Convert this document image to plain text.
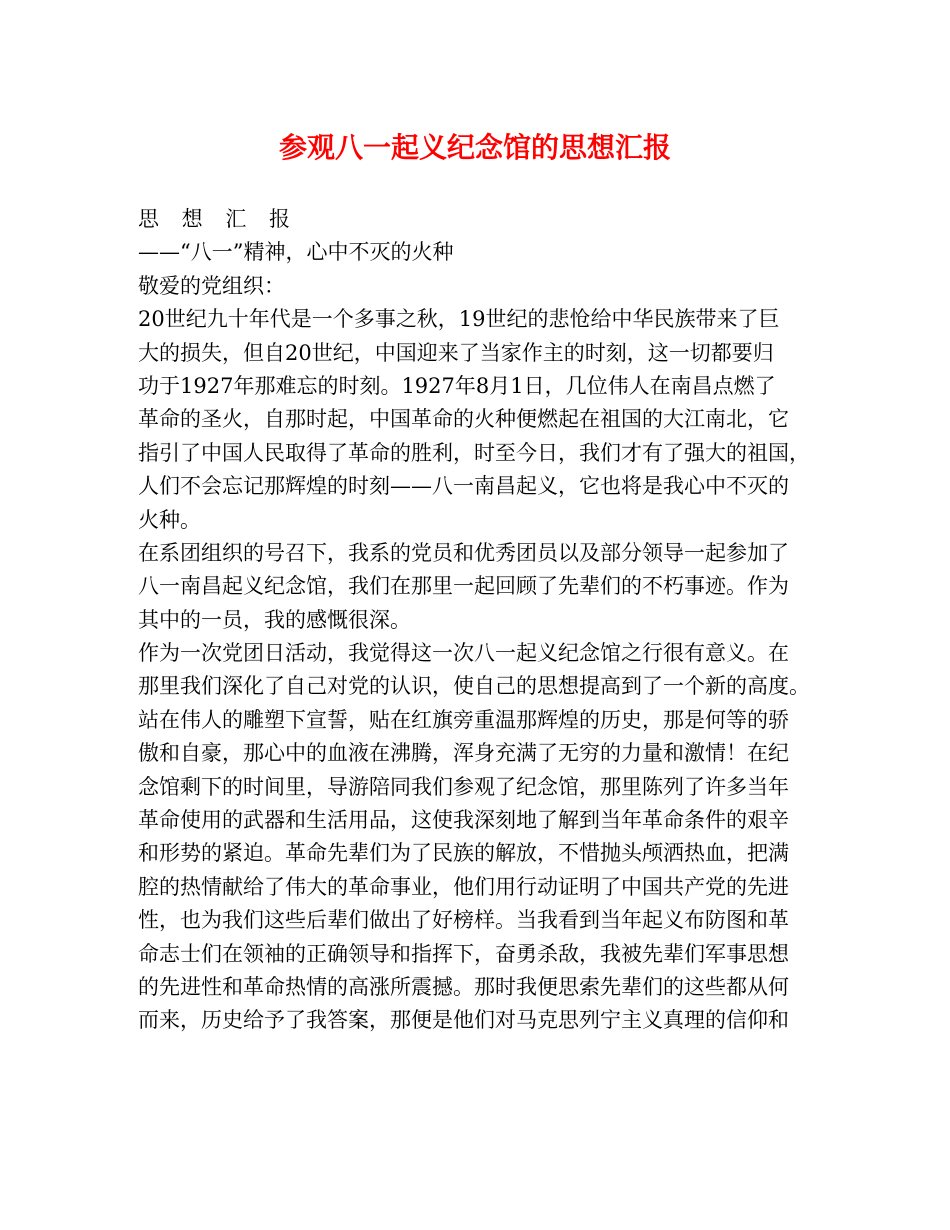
参观八一起义纪念馆的思想汇报
思 想 汇 报
——“八一”精神，心中不灭的火种
敬爱的党组织：
20世纪九十年代是一个多事之秋，19世纪的悲怆给中华民族带来了巨
大的损失，但自20世纪，中国迎来了当家作主的时刻，这一切都要归
功于1927年那难忘的时刻。1927年8月1日，几位伟人在南昌点燃了
革命的圣火，自那时起，中国革命的火种便燃起在祖国的大江南北，它
指引了中国人民取得了革命的胜利，时至今日，我们才有了强大的祖国，
人们不会忘记那辉煌的时刻——八一南昌起义，它也将是我心中不灭的
火种。
在系团组织的号召下，我系的党员和优秀团员以及部分领导一起参加了
八一南昌起义纪念馆，我们在那里一起回顾了先辈们的不朽事迹。作为
其中的一员，我的感慨很深。
作为一次党团日活动，我觉得这一次八一起义纪念馆之行很有意义。在
那里我们深化了自己对党的认识，使自己的思想提高到了一个新的高度。
站在伟人的雕塑下宣誓，贴在红旗旁重温那辉煌的历史，那是何等的骄
傲和自豪，那心中的血液在沸腾，浑身充满了无穷的力量和激情！在纪
念馆剩下的时间里，导游陪同我们参观了纪念馆，那里陈列了许多当年
革命使用的武器和生活用品，这使我深刻地了解到当年革命条件的艰辛
和形势的紧迫。革命先辈们为了民族的解放，不惜抛头颅洒热血，把满
腔的热情献给了伟大的革命事业，他们用行动证明了中国共产党的先进
性，也为我们这些后辈们做出了好榜样。当我看到当年起义布防图和革
命志士们在领袖的正确领导和指挥下，奋勇杀敌，我被先辈们军事思想
的先进性和革命热情的高涨所震撼。那时我便思索先辈们的这些都从何
而来，历史给予了我答案，那便是他们对马克思列宁主义真理的信仰和
